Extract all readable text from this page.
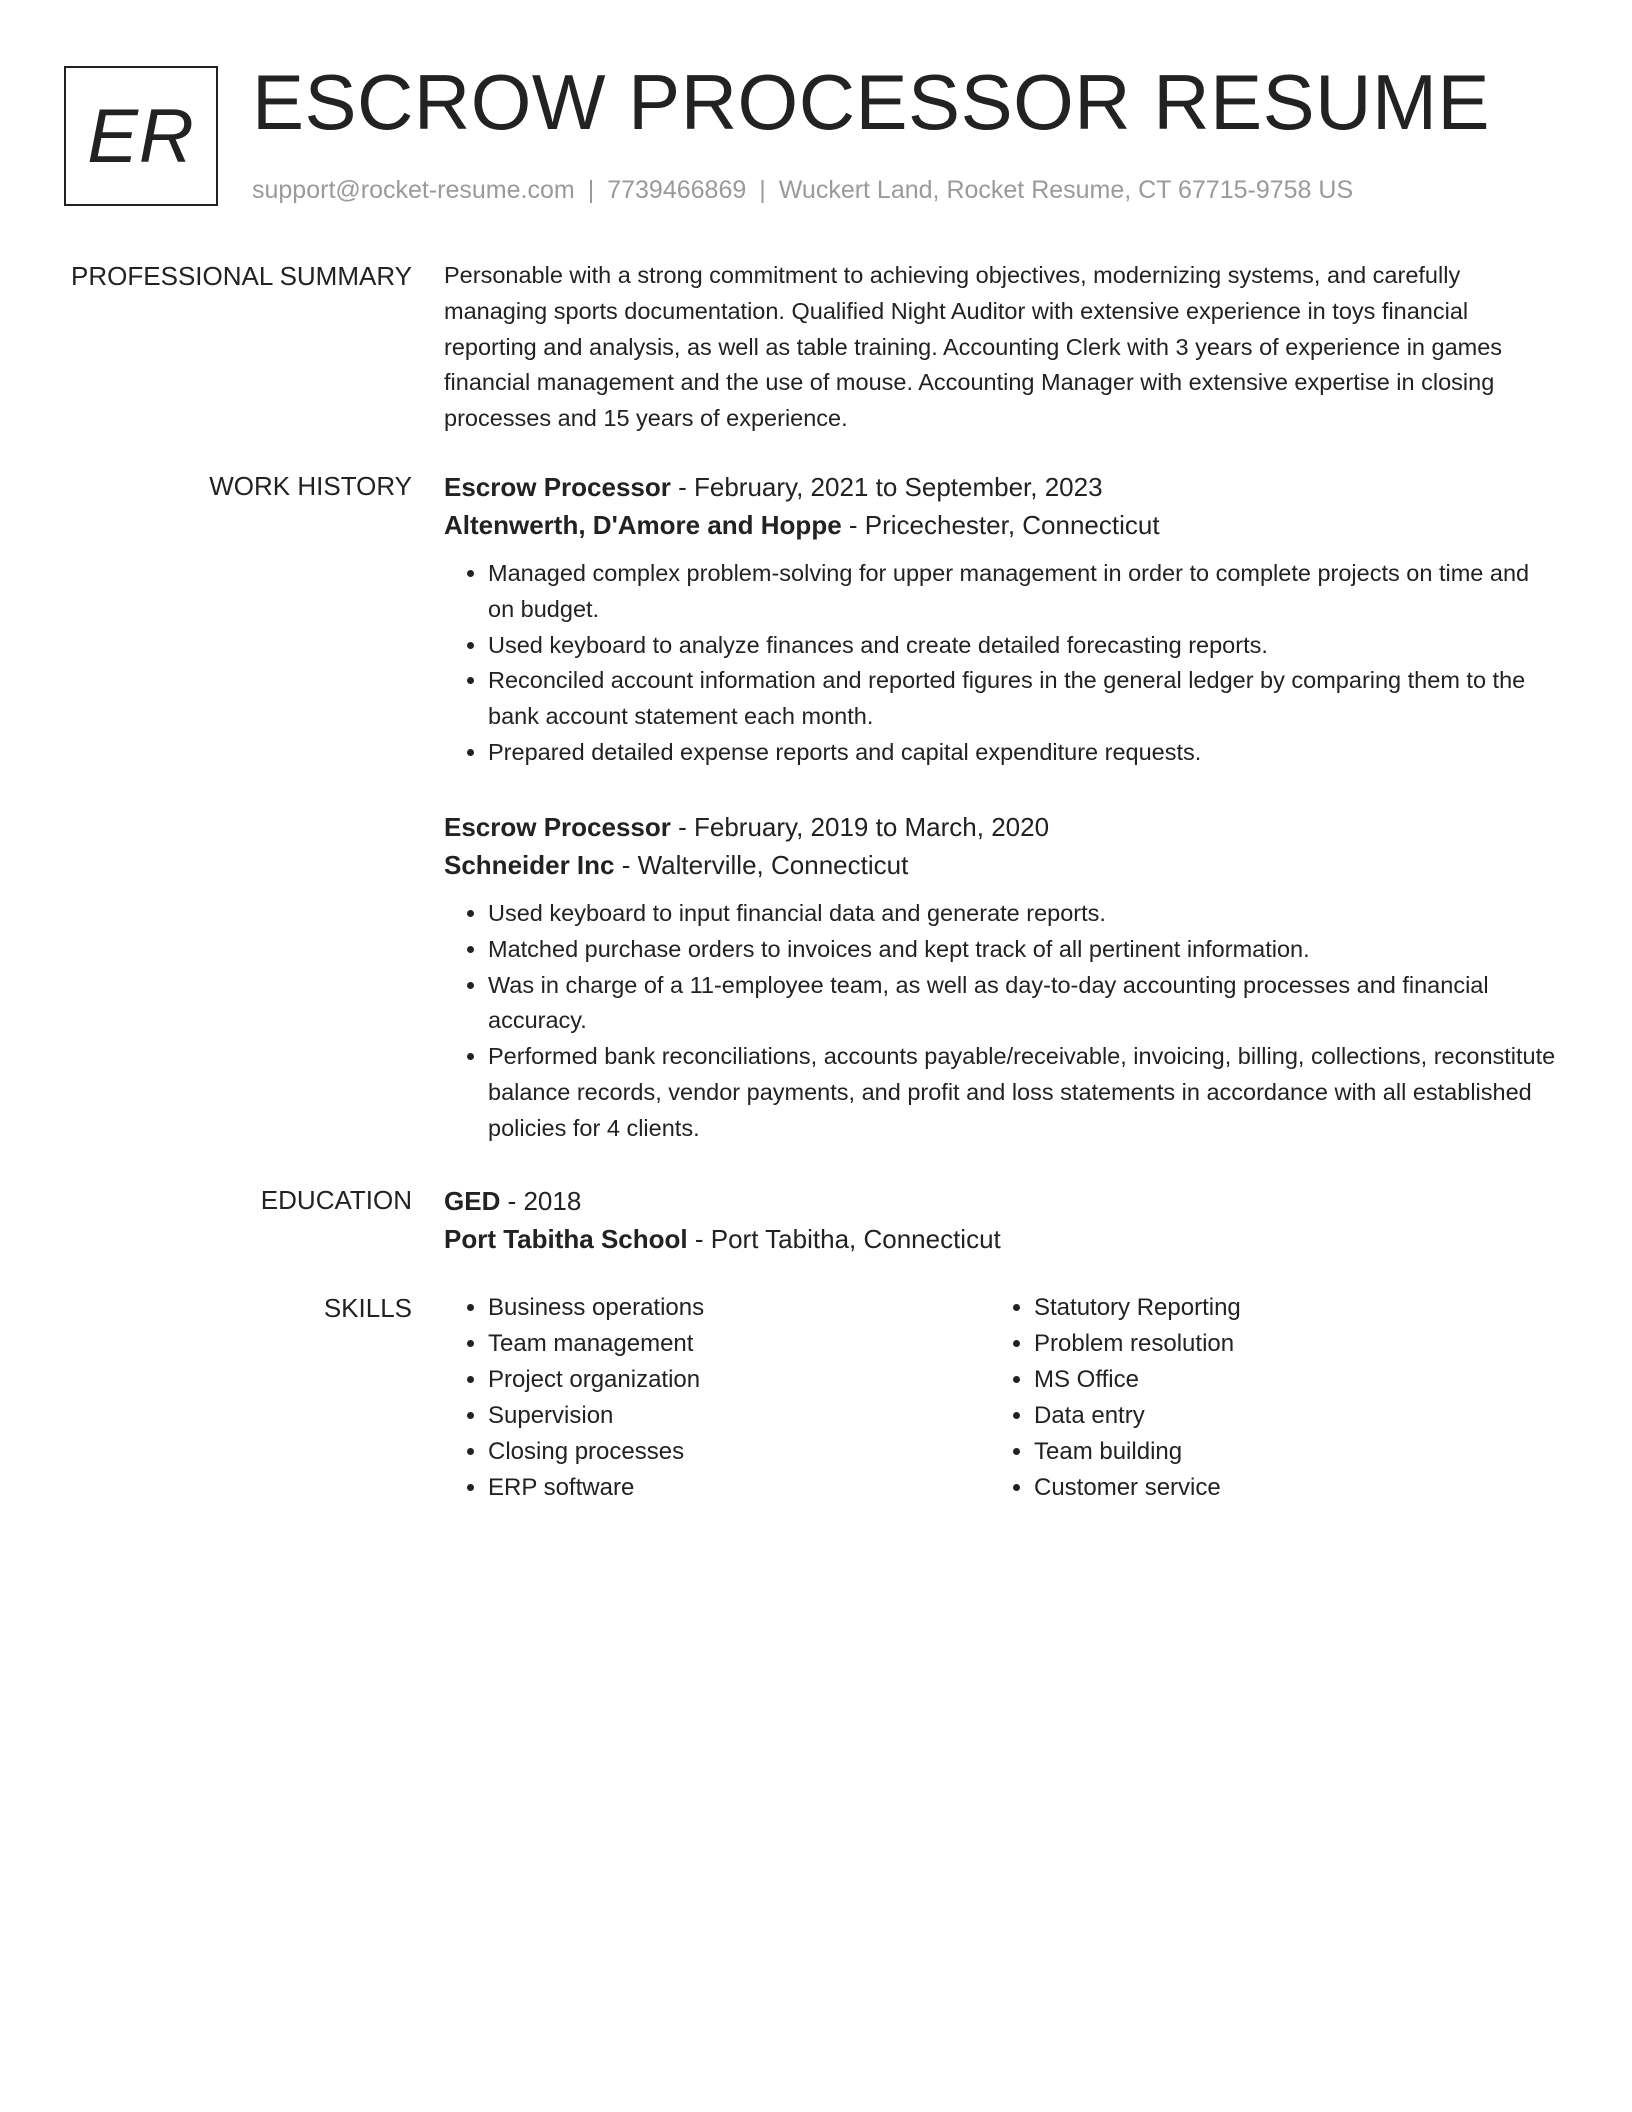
ER ESCROW PROCESSOR RESUME
support@rocket-resume.com | 7739466869 | Wuckert Land, Rocket Resume, CT 67715-9758 US
PROFESSIONAL SUMMARY Personable with a strong commitment to achieving objectives, modernizing systems, and carefully managing sports documentation. Qualified Night Auditor with extensive experience in toys financial reporting and analysis, as well as table training. Accounting Clerk with 3 years of experience in games financial management and the use of mouse. Accounting Manager with extensive expertise in closing processes and 15 years of experience.

WORK HISTORY Escrow Processor - February, 2021 to September, 2023
Altenwerth, D'Amore and Hoppe - Pricechester, Connecticut
• Managed complex problem-solving for upper management in order to complete projects on time and on budget.
• Used keyboard to analyze finances and create detailed forecasting reports.
• Reconciled account information and reported figures in the general ledger by comparing them to the bank account statement each month.
• Prepared detailed expense reports and capital expenditure requests.
Escrow Processor - February, 2019 to March, 2020
Schneider Inc - Walterville, Connecticut
• Used keyboard to input financial data and generate reports.
• Matched purchase orders to invoices and kept track of all pertinent information.
• Was in charge of a 11-employee team, as well as day-to-day accounting processes and financial accuracy.
• Performed bank reconciliations, accounts payable/receivable, invoicing, billing, collections, reconstitute balance records, vendor payments, and profit and loss statements in accordance with all established policies for 4 clients.
EDUCATION GED - 2018
Port Tabitha School - Port Tabitha, Connecticut
SKILLS
•	Business operations
• Team management
• Project organization
• Supervision
• Closing processes
• ERP software
• Statutory Reporting
• Problem resolution
• MS Office
• Data entry
• Team building
• Customer service
